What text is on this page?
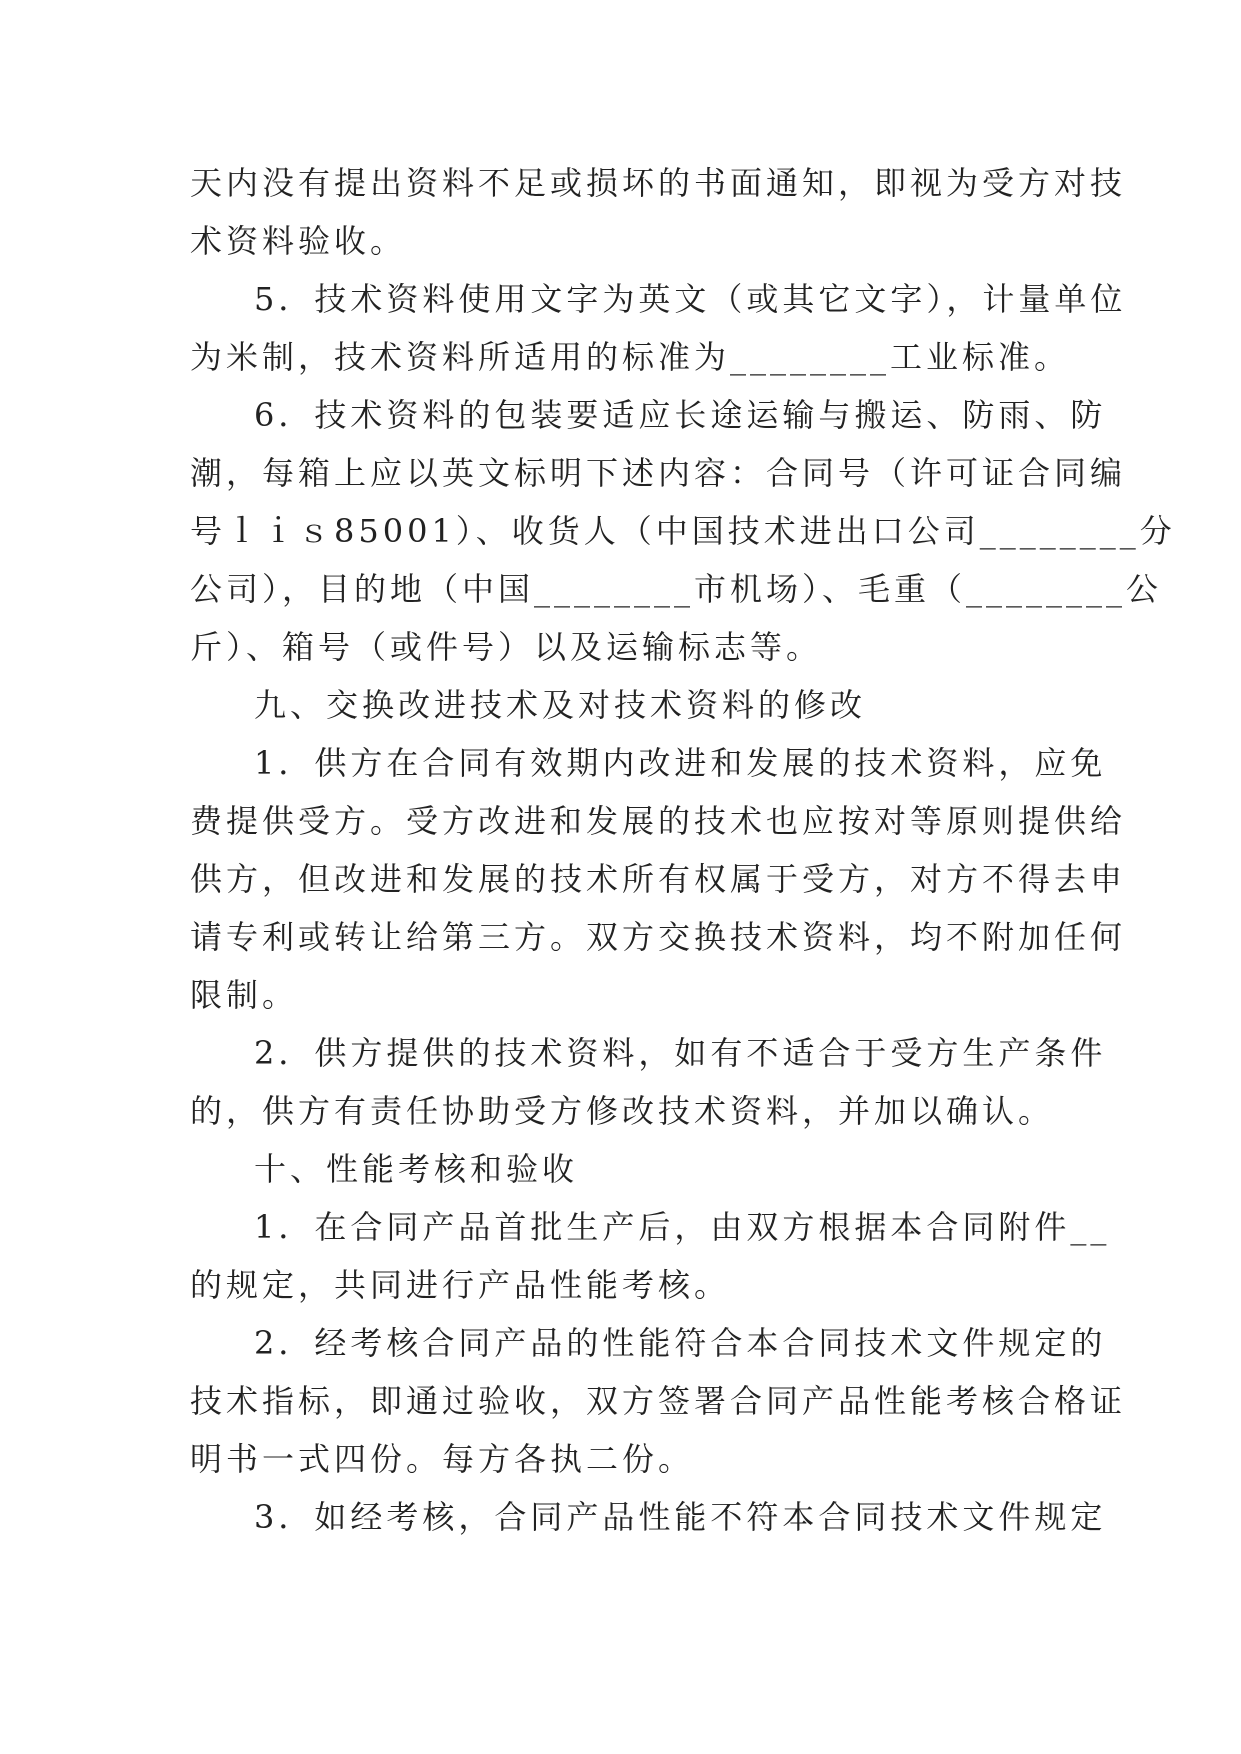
天内没有提出资料不足或损坏的书面通知，即视为受方对技
术资料验收。
5．技术资料使用文字为英文（或其它文字），计量单位
为米制，技术资料所适用的标准为________工业标准。
6．技术资料的包装要适应长途运输与搬运、防雨、防
潮，每箱上应以英文标明下述内容：合同号（许可证合同编
号ｌｉｓ85001）、收货人（中国技术进出口公司________分
公司），目的地（中国________市机场）、毛重（________公
斤）、箱号（或件号）以及运输标志等。
九、交换改进技术及对技术资料的修改
1．供方在合同有效期内改进和发展的技术资料，应免
费提供受方。受方改进和发展的技术也应按对等原则提供给
供方，但改进和发展的技术所有权属于受方，对方不得去申
请专利或转让给第三方。双方交换技术资料，均不附加任何
限制。
2．供方提供的技术资料，如有不适合于受方生产条件
的，供方有责任协助受方修改技术资料，并加以确认。
十、性能考核和验收
1．在合同产品首批生产后，由双方根据本合同附件__
的规定，共同进行产品性能考核。
2．经考核合同产品的性能符合本合同技术文件规定的
技术指标，即通过验收，双方签署合同产品性能考核合格证
明书一式四份。每方各执二份。
3．如经考核，合同产品性能不符本合同技术文件规定
